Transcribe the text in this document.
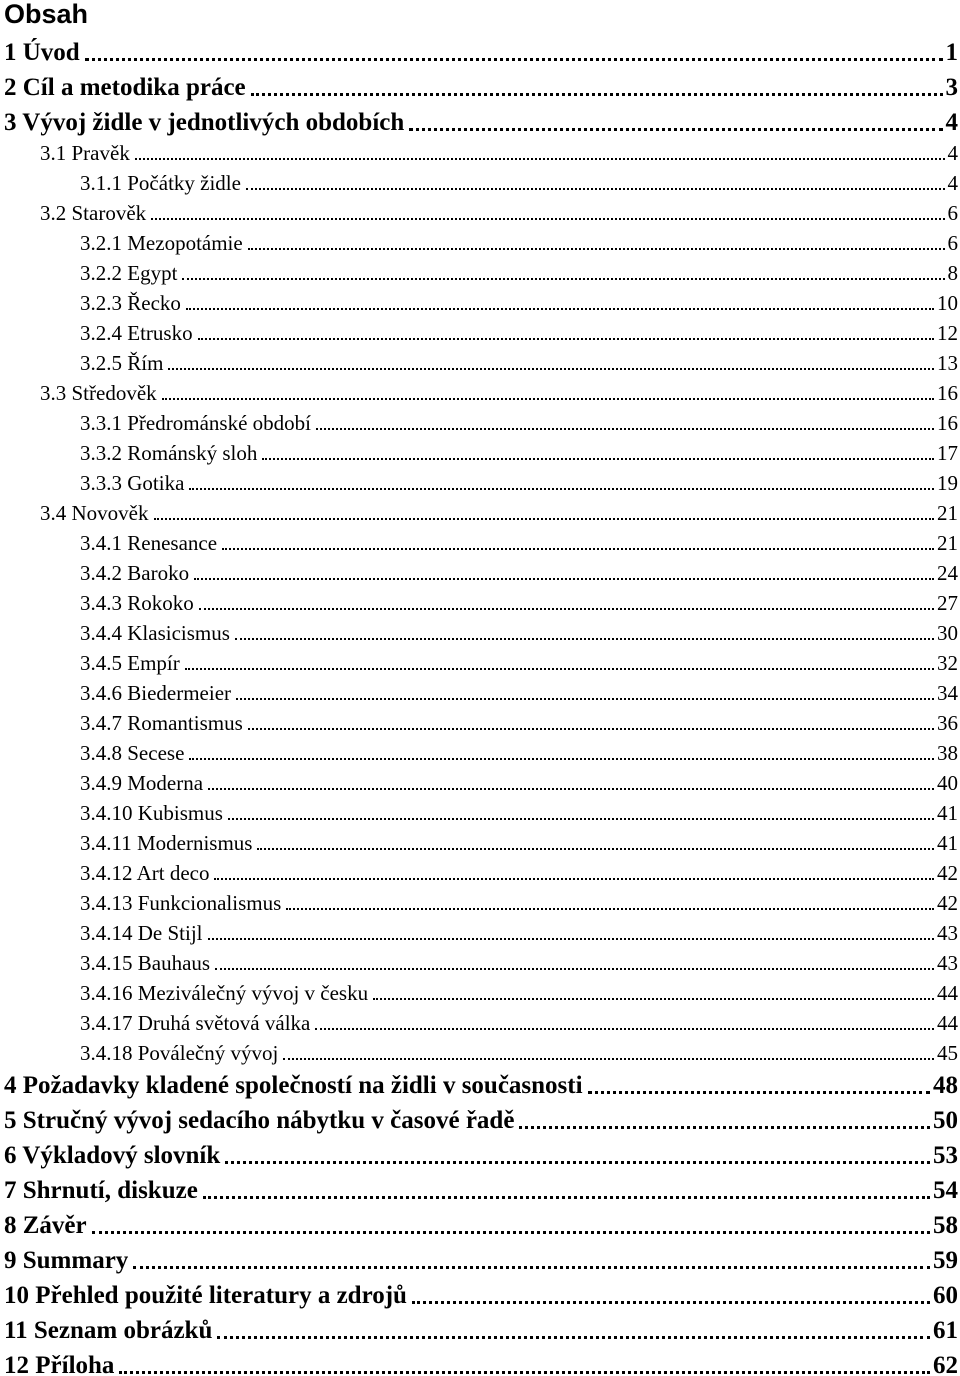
Obsah
1 Úvod	1
2 Cíl a metodika práce	3
3 Vývoj židle v jednotlivých obdobích	4
3.1 Pravěk	4
3.1.1 Počátky židle	4
3.2 Starověk	6
3.2.1 Mezopotámie	6
3.2.2 Egypt	8
3.2.3 Řecko	10
3.2.4 Etrusko	12
3.2.5 Řím	13
3.3 Středověk	16
3.3.1 Předrománské období	16
3.3.2 Románský sloh	17
3.3.3 Gotika	19
3.4 Novověk	21
3.4.1 Renesance	21
3.4.2 Baroko	24
3.4.3 Rokoko	27
3.4.4 Klasicismus	30
3.4.5 Empír	32
3.4.6 Biedermeier	34
3.4.7 Romantismus	36
3.4.8 Secese	38
3.4.9 Moderna	40
3.4.10 Kubismus	41
3.4.11 Modernismus	41
3.4.12 Art deco	42
3.4.13 Funkcionalismus	42
3.4.14 De Stijl	43
3.4.15 Bauhaus	43
3.4.16 Meziválečný vývoj v česku	44
3.4.17 Druhá světová válka	44
3.4.18 Poválečný vývoj	45
4 Požadavky kladené společností na židli v současnosti	48
5 Stručný vývoj sedacího nábytku v časové řadě	50
6 Výkladový slovník	53
7 Shrnutí, diskuze	54
8 Závěr	58
9 Summary	59
10 Přehled použité literatury a zdrojů	60
11 Seznam obrázků	61
12 Příloha	62
